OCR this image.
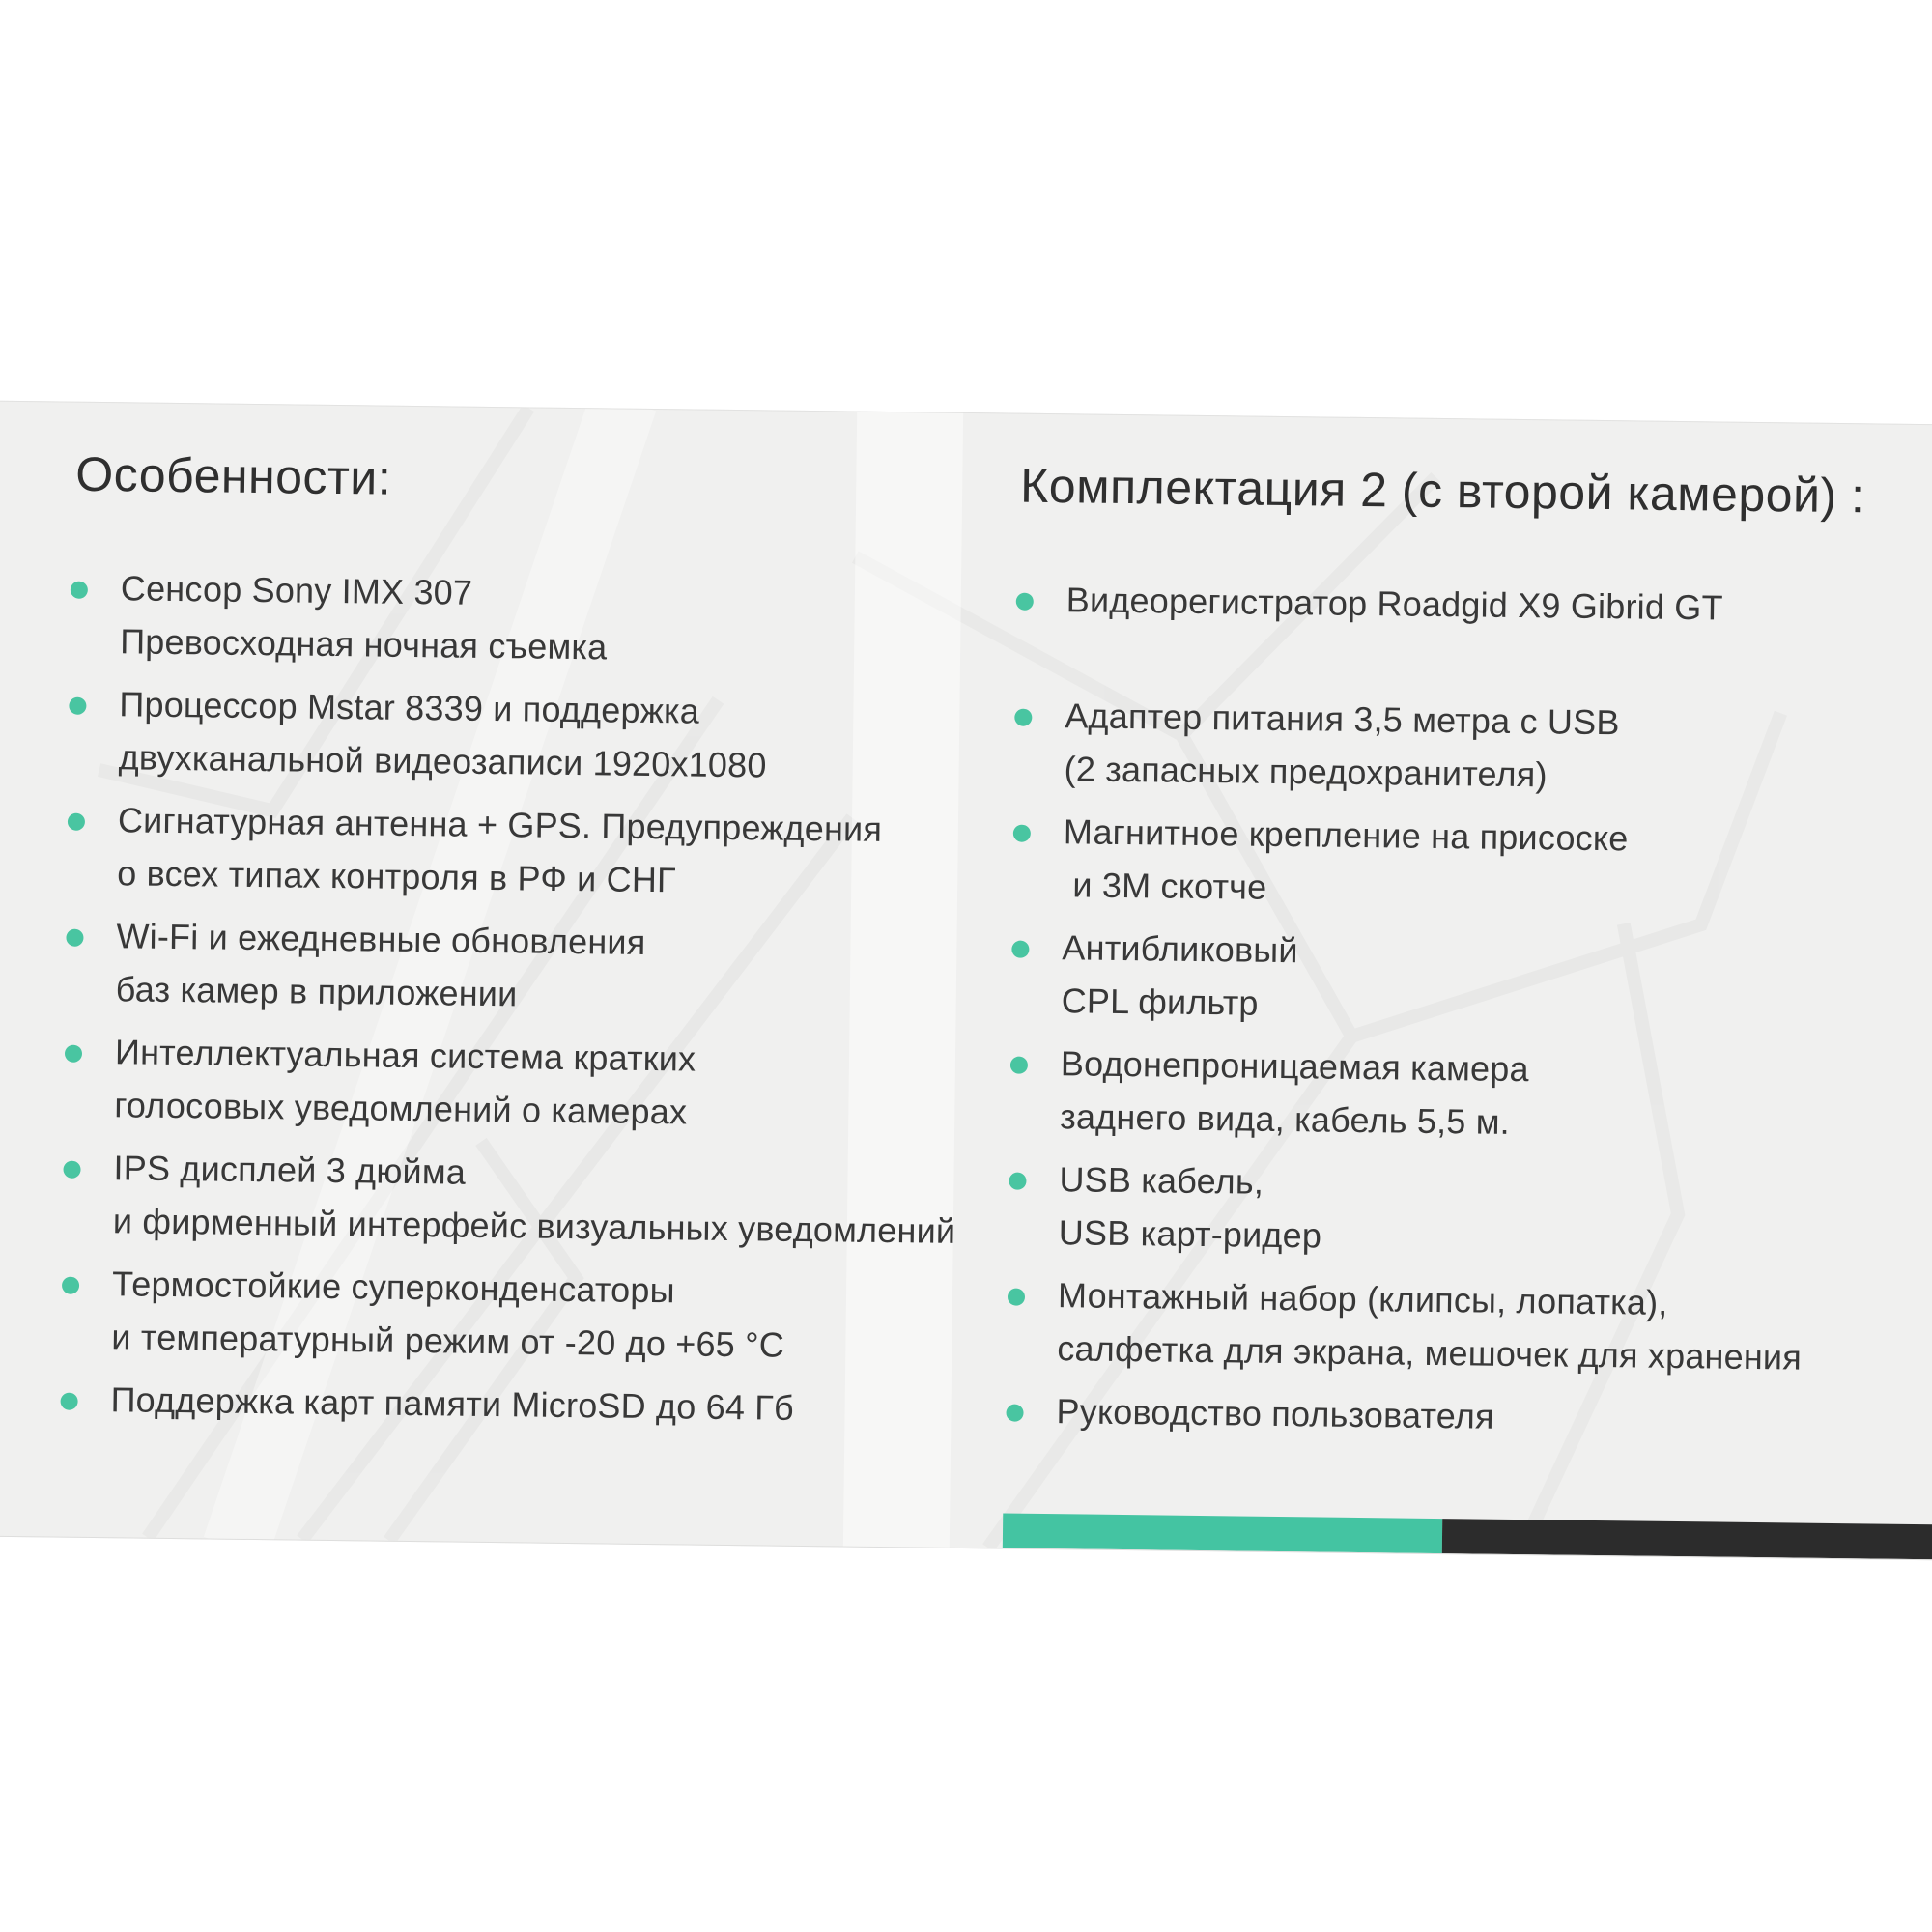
Особенности:
Сенсор Sony IMX 307
Превосходная ночная съемка
Процессор Mstar 8339 и поддержка
двухканальной видеозаписи 1920x1080
Сигнатурная антенна + GPS. Предупреждения
о всех типах контроля в РФ и СНГ
Wi-Fi и ежедневные обновления
баз камер в приложении
Интеллектуальная система кратких
голосовых уведомлений о камерах
IPS дисплей 3 дюйма
и фирменный интерфейс визуальных уведомлений
Термостойкие суперконденсаторы
и температурный режим от -20 до +65 °C
Поддержка карт памяти MicroSD до 64 Гб
Комплектация 2 (с второй камерой) :
Видеорегистратор Roadgid X9 Gibrid GT
Адаптер питания 3,5 метра с USB
(2 запасных предохранителя)
Магнитное крепление на присоске
и 3М скотче
Антибликовый
CPL фильтр
Водонепроницаемая камера
заднего вида, кабель 5,5 м.
USB кабель,
USB карт-ридер
Монтажный набор (клипсы, лопатка),
салфетка для экрана, мешочек для хранения
Руководство пользователя
